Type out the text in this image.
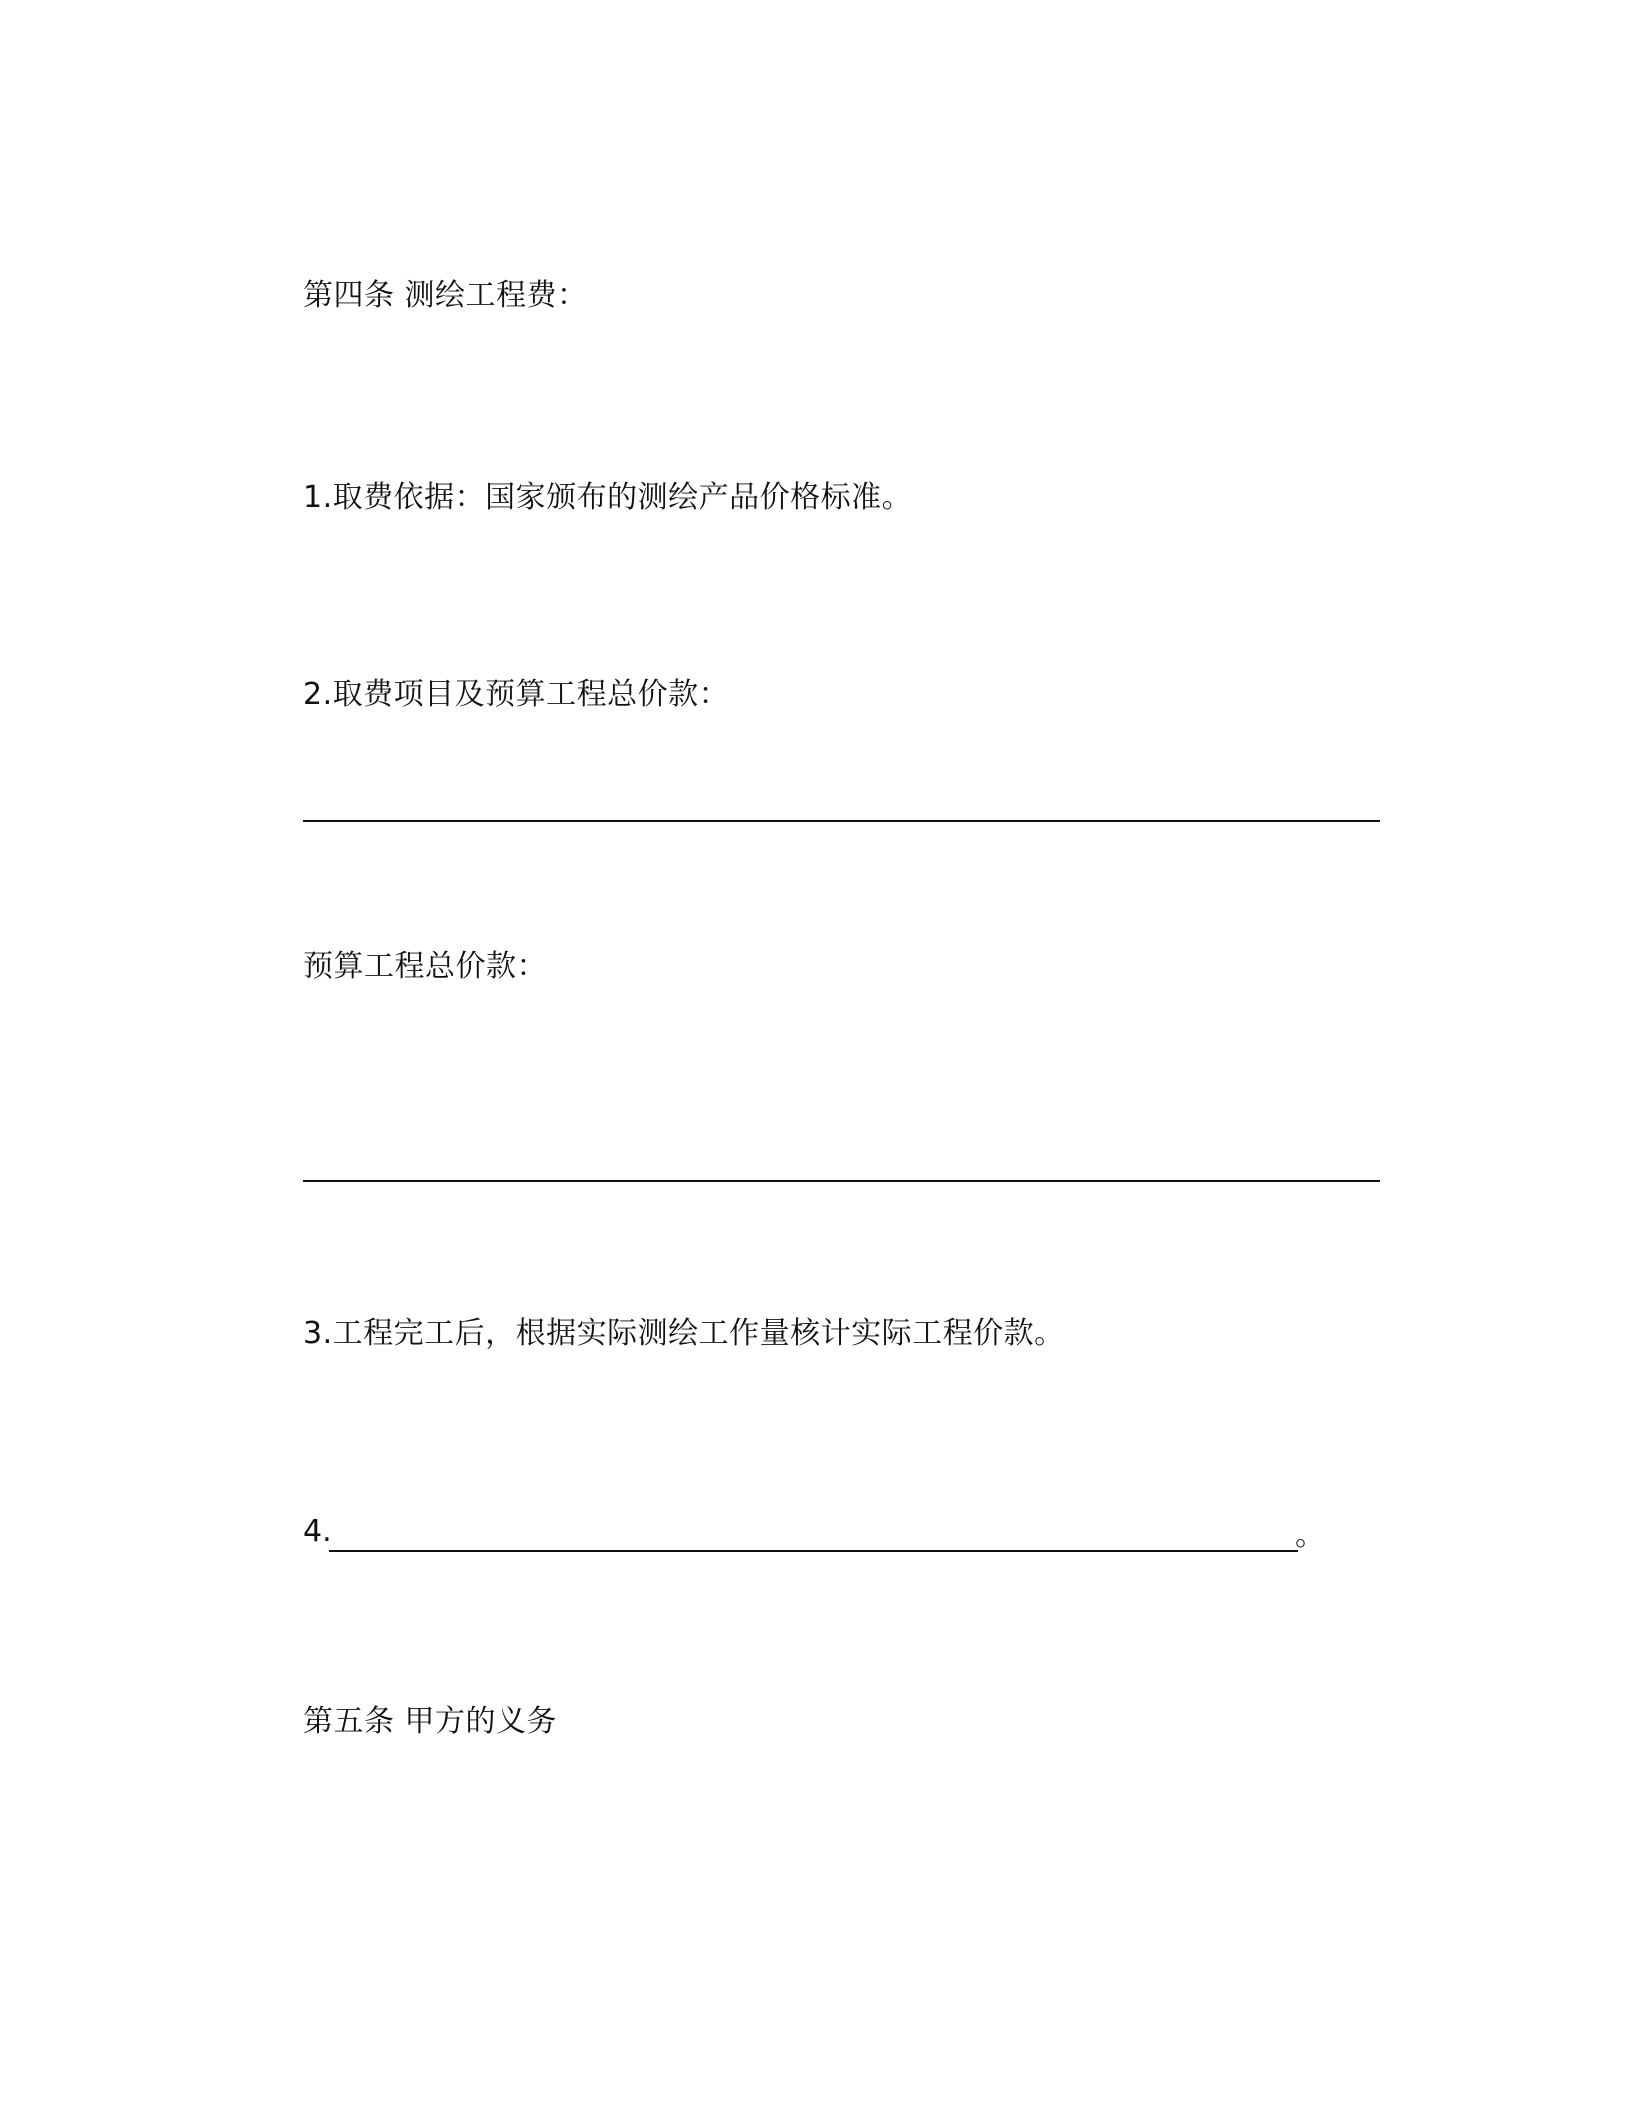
第四条 测绘工程费：
1.取费依据：国家颁布的测绘产品价格标准。
2.取费项目及预算工程总价款：
预算工程总价款：
3.工程完工后，根据实际测绘工作量核计实际工程价款。
4.	。
第五条 甲方的义务
